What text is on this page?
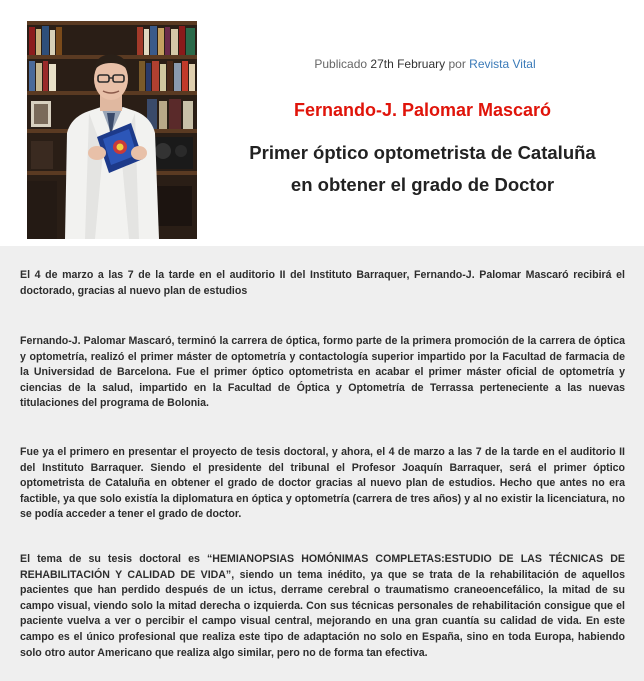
Publicado 27th February por Revista Vital
Fernando-J. Palomar Mascaró
Primer óptico optometrista de Cataluña
en obtener el grado de Doctor
El 4 de marzo a las 7 de la tarde en el auditorio II del Instituto Barraquer, Fernando-J. Palomar Mascaró recibirá el doctorado, gracias al nuevo plan de estudios
Fernando-J. Palomar Mascaró, terminó la carrera de óptica, formo parte de la primera promoción de la carrera de óptica y optometría, realizó el primer máster de optometría y contactología superior impartido por la Facultad de farmacia de la Universidad de Barcelona. Fue el primer óptico optometrista en acabar el primer máster oficial de optometría y ciencias de la salud, impartido en la Facultad de Óptica y Optometría de Terrassa perteneciente a las nuevas titulaciones del programa de Bolonia.
Fue ya el primero en presentar el proyecto de tesis doctoral, y ahora, el 4 de marzo a las 7 de la tarde en el auditorio II del Instituto Barraquer. Siendo el presidente del tribunal el Profesor Joaquín Barraquer, será el primer óptico optometrista de Cataluña en obtener el grado de doctor gracias al nuevo plan de estudios. Hecho que antes no era factible, ya que solo existía la diplomatura en óptica y optometría (carrera de tres años) y al no existir la licenciatura, no se podía acceder a tener el grado de doctor.
El tema de su tesis doctoral es “HEMIANOPSIAS HOMÓNIMAS COMPLETAS:ESTUDIO DE LAS TÉCNICAS DE REHABILITACIÓN Y CALIDAD DE VIDA”, siendo un tema inédito, ya que se trata de la rehabilitación de aquellos pacientes que han perdido después de un ictus, derrame cerebral o traumatismo craneoencefálico, la mitad de su campo visual, viendo solo la mitad derecha o izquierda. Con sus técnicas personales de rehabilitación consigue que el paciente vuelva a ver o percibir el campo visual central, mejorando en una gran cuantía su calidad de vida. En este campo es el único profesional que realiza este tipo de adaptación no solo en España, sino en toda Europa, habiendo solo otro autor Americano que realiza algo similar, pero no de forma tan efectiva.
